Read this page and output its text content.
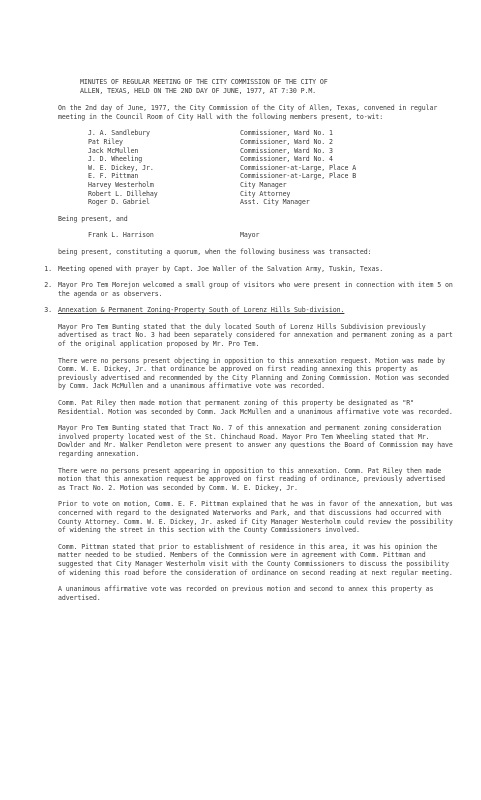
MINUTES OF REGULAR MEETING OF THE CITY COMMISSION OF THE CITY OF
ALLEN, TEXAS, HELD ON THE 2ND DAY OF JUNE, 1977, AT 7:30 P.M.

On the 2nd day of June, 1977, the City Commission of the City of Allen, Texas, convened in regular meeting in the Council Room of City Hall with the following members present, to-wit:

J. A. Sandlebury	Commissioner, Ward No. 1
Pat Riley	Commissioner, Ward No. 2
Jack McMullen	Commissioner, Ward No. 3
J. D. Wheeling	Commissioner, Ward No. 4
W. E. Dickey, Jr.	Commissioner-at-Large, Place A
E. F. Pittman	Commissioner-at-Large, Place B
Harvey Westerholm	City Manager
Robert L. Dillehay	City Attorney
Roger D. Gabriel	Asst. City Manager

Being present, and

Frank L. Harrison	Mayor

being present, constituting a quorum, when the following business was transacted:

1. Meeting opened with prayer by Capt. Joe Waller of the Salvation Army, Tuskin, Texas.
2. Mayor Pro Tem Morejon welcomed a small group of visitors who were present in connection with item 5 on the agenda or as observers.
3. Annexation & Permanent Zoning-Property South of Lorenz Hills Sub-division.

Mayor Pro Tem Bunting stated that the duly located South of Lorenz Hills Subdivision previously advertised as tract No. 3 had been separately considered for annexation and permanent zoning as a part of the original application proposed by Mr. Pro Tem.

There were no persons present objecting in opposition to this annexation request. Motion was made by Comm. W. E. Dickey, Jr. that ordinance be approved on first reading annexing this property as previously advertised and recommended by the City Planning and Zoning Commission. Motion was seconded by Comm. Jack McMullen and a unanimous affirmative vote was recorded.

Comm. Pat Riley then made motion that permanent zoning of this property be designated as "R" Residential. Motion was seconded by Comm. Jack McMullen and a unanimous affirmative vote was recorded.

Mayor Pro Tem Bunting stated that Tract No. 7 of this annexation and permanent zoning consideration involved property located west of the St. Chinchaud Road. Mayor Pro Tem Wheeling stated that Mr. Dowlder and Mr. Walker Pendleton were present to answer any questions the Board of Commission may have regarding annexation.

There were no persons present appearing in opposition to this annexation. Comm. Pat Riley then made motion that this annexation request be approved on first reading of ordinance, previously advertised as Tract No. 2. Motion was seconded by Comm. W. E. Dickey, Jr.

Prior to vote on motion, Comm. E. F. Pittman explained that he was in favor of the annexation, but was concerned with regard to the designated Waterworks and Park, and that discussions had occurred with County Attorney. Comm. W. E. Dickey, Jr. asked if City Manager Westerholm could review the possibility of widening the street in this section with the County Commissioners involved.

Comm. Pittman stated that prior to establishment of residence in this area, it was his opinion the matter needed to be studied. Members of the Commission were in agreement with Comm. Pittman and suggested that City Manager Westerholm visit with the County Commissioners to discuss the possibility of widening this road before the consideration of ordinance on second reading at next regular meeting.

A unanimous affirmative vote was recorded on previous motion and second to annex this property as advertised.
